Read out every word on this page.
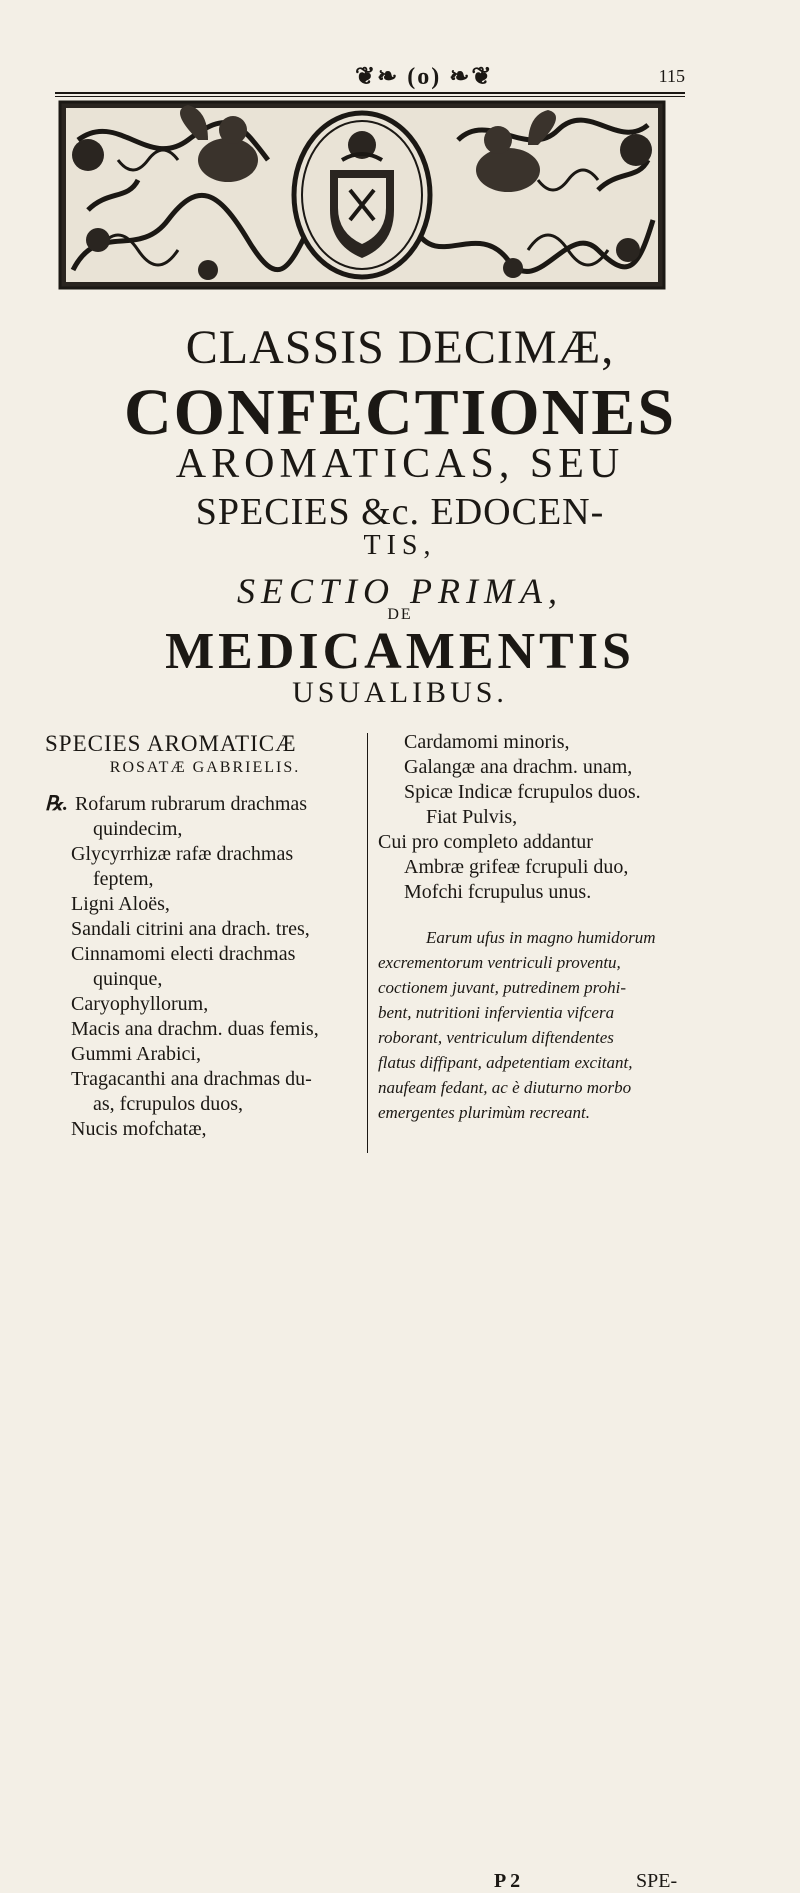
❦❧ (o) ❧❦	115
CLASSIS DECIMÆ,
CONFECTIONES
AROMATICAS, SEU
SPECIES &c. EDOCEN-
TIS,
SECTIO PRIMA,
DE
MEDICAMENTIS
USUALIBUS.
SPECIES AROMATICÆ
ROSATÆ GABRIELIS.
℞. Rofarum rubrarum drachmas
quindecim,
Glycyrrhizæ rafæ drachmas
feptem,
Ligni Aloës,
Sandali citrini ana drach. tres,
Cinnamomi electi drachmas
quinque,
Caryophyllorum,
Macis ana drachm. duas femis,
Gummi Arabici,
Tragacanthi ana drachmas du-
as, fcrupulos duos,
Nucis mofchatæ,
Cardamomi minoris,
Galangæ ana drachm. unam,
Spicæ Indicæ fcrupulos duos.
Fiat Pulvis,
Cui pro completo addantur
Ambræ grifeæ fcrupuli duo,
Mofchi fcrupulus unus.
Earum ufus in magno humidorum
excrementorum ventriculi proventu,
coctionem juvant, putredinem prohi-
bent, nutritioni infervientia vifcera
roborant, ventriculum diftendentes
flatus diffipant, adpetentiam excitant,
naufeam fedant, ac è diuturno morbo
emergentes plurimùm recreant.
P 2	SPE-
